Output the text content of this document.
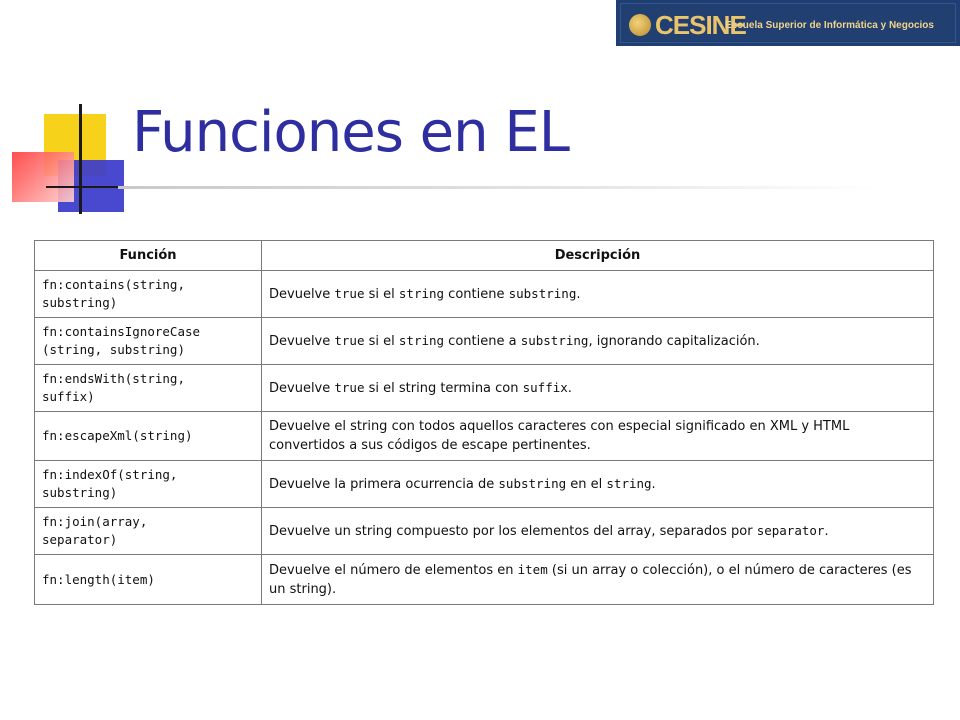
CESINE
Escuela Superior de Informática y Negocios
Funciones en EL
Función	Descripción
fn:contains(string,
substring)	Devuelve true si el string contiene substring.
fn:containsIgnoreCase
(string, substring)	Devuelve true si el string contiene a substring, ignorando capitalización.
fn:endsWith(string,
suffix)	Devuelve true si el string termina con suffix.
fn:escapeXml(string)	Devuelve el string con todos aquellos caracteres con especial significado en XML y HTML convertidos a sus códigos de escape pertinentes.
fn:indexOf(string,
substring)	Devuelve la primera ocurrencia de substring en el string.
fn:join(array,
separator)	Devuelve un string compuesto por los elementos del array, separados por separator.
fn:length(item)	Devuelve el número de elementos en item (si un array o colección), o el número de caracteres (es un string).
